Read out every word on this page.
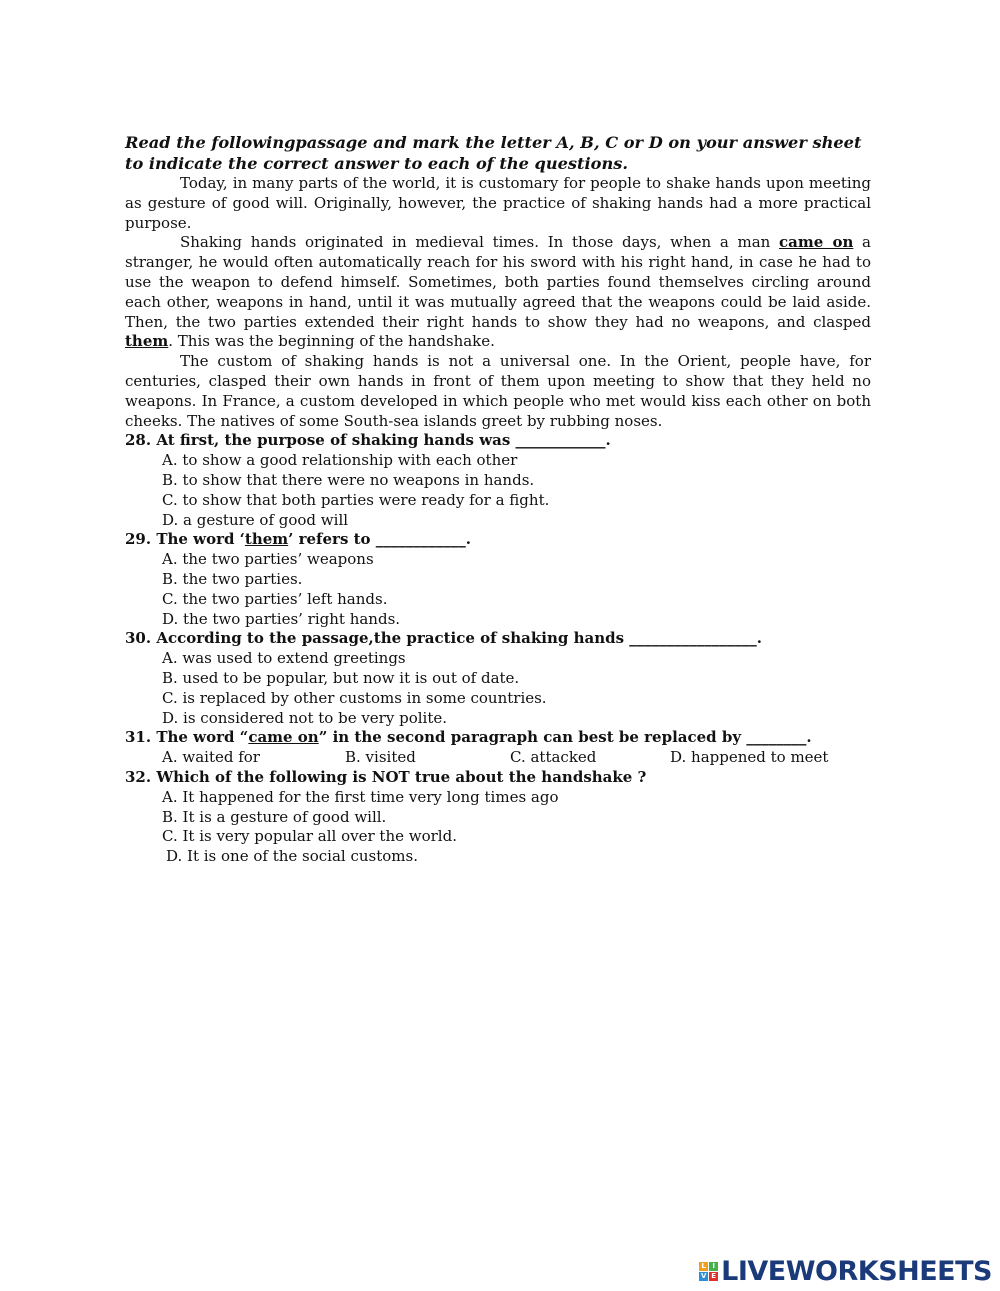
Read the followingpassage and mark the letter A, B, C or D on your answer sheet to indicate the correct answer to each of the questions.

Today, in many parts of the world, it is customary for people to shake hands upon meeting as gesture of good will. Originally, however, the practice of shaking hands had a more practical purpose.

Shaking hands originated in medieval times. In those days, when a man came on a stranger, he would often automatically reach for his sword with his right hand, in case he had to use the weapon to defend himself. Sometimes, both parties found themselves circling around each other, weapons in hand, until it was mutually agreed that the weapons could be laid aside. Then, the two parties extended their right hands to show they had no weapons, and clasped them. This was the beginning of the handshake.

The custom of shaking hands is not a universal one. In the Orient, people have, for centuries, clasped their own hands in front of them upon meeting to show that they held no weapons. In France, a custom developed in which people who met would kiss each other on both cheeks. The natives of some South-sea islands greet by rubbing noses.

28. At first, the purpose of shaking hands was ____________.

A. to show a good relationship with each other

B. to show that there were no weapons in hands.

C. to show that both parties were ready for a fight.

D. a gesture of good will

29. The word ‘them’ refers to ____________.

A. the two parties’ weapons

B. the two parties.

C. the two parties’ left hands.

D. the two parties’ right hands.

30. According to the passage,the practice of shaking hands _________________.

A. was used to extend greetings

B. used to be popular, but now it is out of date.

C. is replaced by other customs in some countries.

D. is considered not to be very polite.

31. The word “came on” in the second paragraph can best be replaced by ________.

A. waited for	B. visited	C. attacked	D. happened to meet

32. Which of the following is NOT true about the handshake ?

A. It happened for the first time very long times ago

B. It is a gesture of good will.

C. It is very popular all over the world.

D. It is one of the social customs.

L I
V E LIVEWORKSHEETS
